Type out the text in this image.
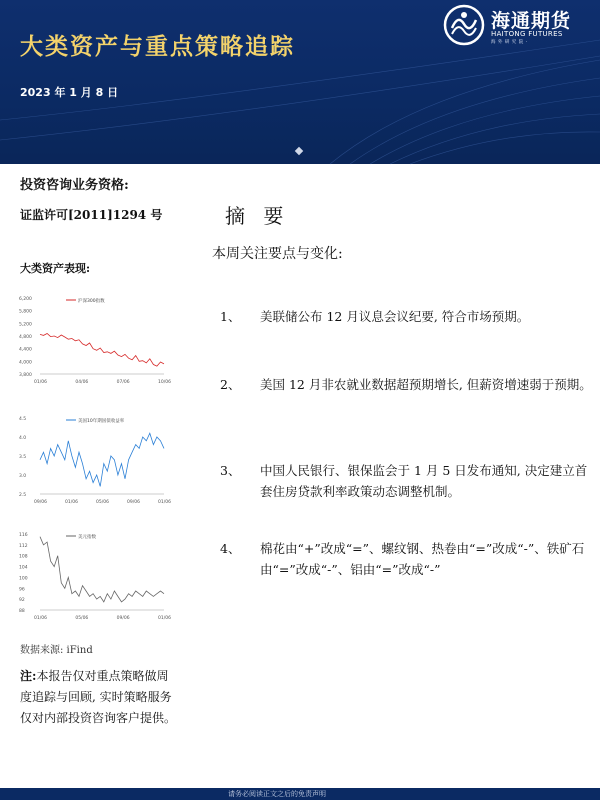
大类资产与重点策略追踪
2023 年 1 月 8 日
海通期货
HAITONG FUTURES
海 外 研 究 院 ·
投资咨询业务资格:
证监许可[2011]1294 号
大类资产表现:
6,200
5,800
5,200
4,800
4,400
4,000
3,800
01/06	04/06	07/06	10/06
沪深300指数
4.5
4.0
3.5
3.0
2.5
09/06	01/06	05/06	09/06	01/06
美国10年期国债收益率
116
112
108
104
100
96
92
88
01/06	05/06	09/06	01/06
美元指数
数据来源: iFind
注:本报告仅对重点策略做周度追踪与回顾, 实时策略服务仅对内部投资咨询客户提供。
摘 要
本周关注要点与变化:
1、	美联储公布 12 月议息会议纪要, 符合市场预期。
2、	美国 12 月非农就业数据超预期增长, 但薪资增速弱于预期。
3、	中国人民银行、银保监会于 1 月 5 日发布通知, 决定建立首套住房贷款利率政策动态调整机制。
4、	棉花由“+”改成“=”、螺纹钢、热卷由“=”改成“-”、铁矿石由“=”改成“-”、铝由“=”改成“-”
请务必阅读正文之后的免责声明
